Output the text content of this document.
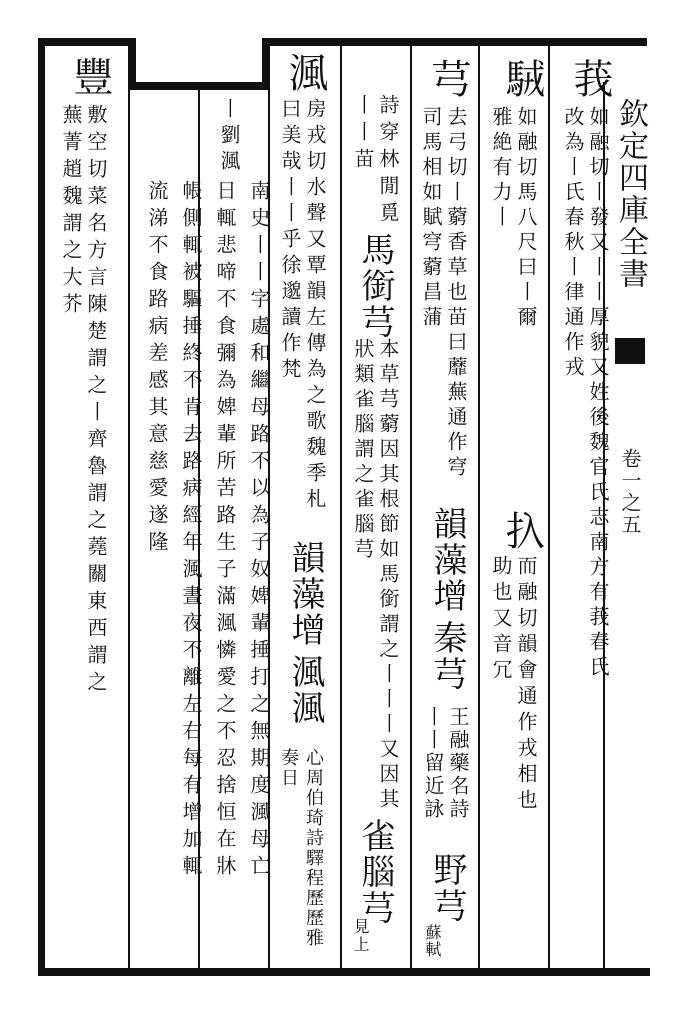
欽定四庫全書
卷一之五
莪
如融切丨發又丨丨厚貌又姓後魏官氏志南方有莪春氏改為丨氏春秋丨律通作戎
駥
如融切馬八尺曰丨爾雅絶有力丨
扖
而融切韻會通作戎相也助也又音冗
芎
去弓切丨藭香草也苗曰蘼蕪通作穹司馬相如賦穹藭昌蒲
韻藻增
秦芎
王融藥名詩丨丨留近詠
野芎
蘇軾
詩穿林閒覓丨丨苗
馬銜芎
本草芎藭因其根節如馬銜謂之丨丨丨又因其狀類雀腦謂之雀腦芎
雀腦芎
見上
渢
房戎切水聲又覃韻左傳為之歌魏季札曰美哉丨丨乎徐邈讀作梵
韻藻增
渢渢
心周伯琦詩驛程歷歷雅奏日
丨劉渢
南史丨丨字處和繼母路不以為子奴婢輩捶打之無期度渢母亡日輒悲啼不食彌為婢輩所苦路生子滿渢憐愛之不忍捨恒在牀帳側輒被驅捶終不肯去路病經年渢晝夜不離左右每有增加輒流涕不食路病差感其意慈愛遂隆
豐
敷空切菜名方言陳楚謂之丨齊魯謂之蕘關東西謂之蕪菁趙魏謂之大芥
